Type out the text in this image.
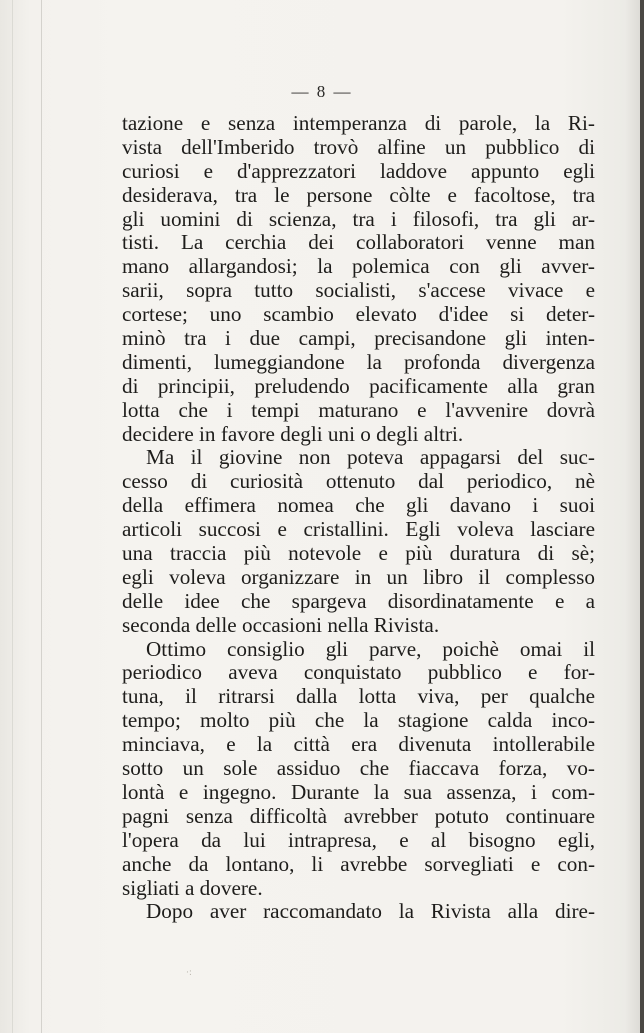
— 8 —
tazione e senza intemperanza di parole, la Ri-
vista dell'Imberido trovò alfine un pubblico di
curiosi e d'apprezzatori laddove appunto egli
desiderava, tra le persone còlte e facoltose, tra
gli uomini di scienza, tra i filosofi, tra gli ar-
tisti. La cerchia dei collaboratori venne man
mano allargandosi; la polemica con gli avver-
sarii, sopra tutto socialisti, s'accese vivace e
cortese; uno scambio elevato d'idee si deter-
minò tra i due campi, precisandone gli inten-
dimenti, lumeggiandone la profonda divergenza
di principii, preludendo pacificamente alla gran
lotta che i tempi maturano e l'avvenire dovrà
decidere in favore degli uni o degli altri.
Ma il giovine non poteva appagarsi del suc-
cesso di curiosità ottenuto dal periodico, nè
della effimera nomea che gli davano i suoi
articoli succosi e cristallini. Egli voleva lasciare
una traccia più notevole e più duratura di sè;
egli voleva organizzare in un libro il complesso
delle idee che spargeva disordinatamente e a
seconda delle occasioni nella Rivista.
Ottimo consiglio gli parve, poichè omai il
periodico aveva conquistato pubblico e for-
tuna, il ritrarsi dalla lotta viva, per qualche
tempo; molto più che la stagione calda inco-
minciava, e la città era divenuta intollerabile
sotto un sole assiduo che fiaccava forza, vo-
lontà e ingegno. Durante la sua assenza, i com-
pagni senza difficoltà avrebber potuto continuare
l'opera da lui intrapresa, e al bisogno egli,
anche da lontano, li avrebbe sorvegliati e con-
sigliati a dovere.
Dopo aver raccomandato la Rivista alla dire-
·:
